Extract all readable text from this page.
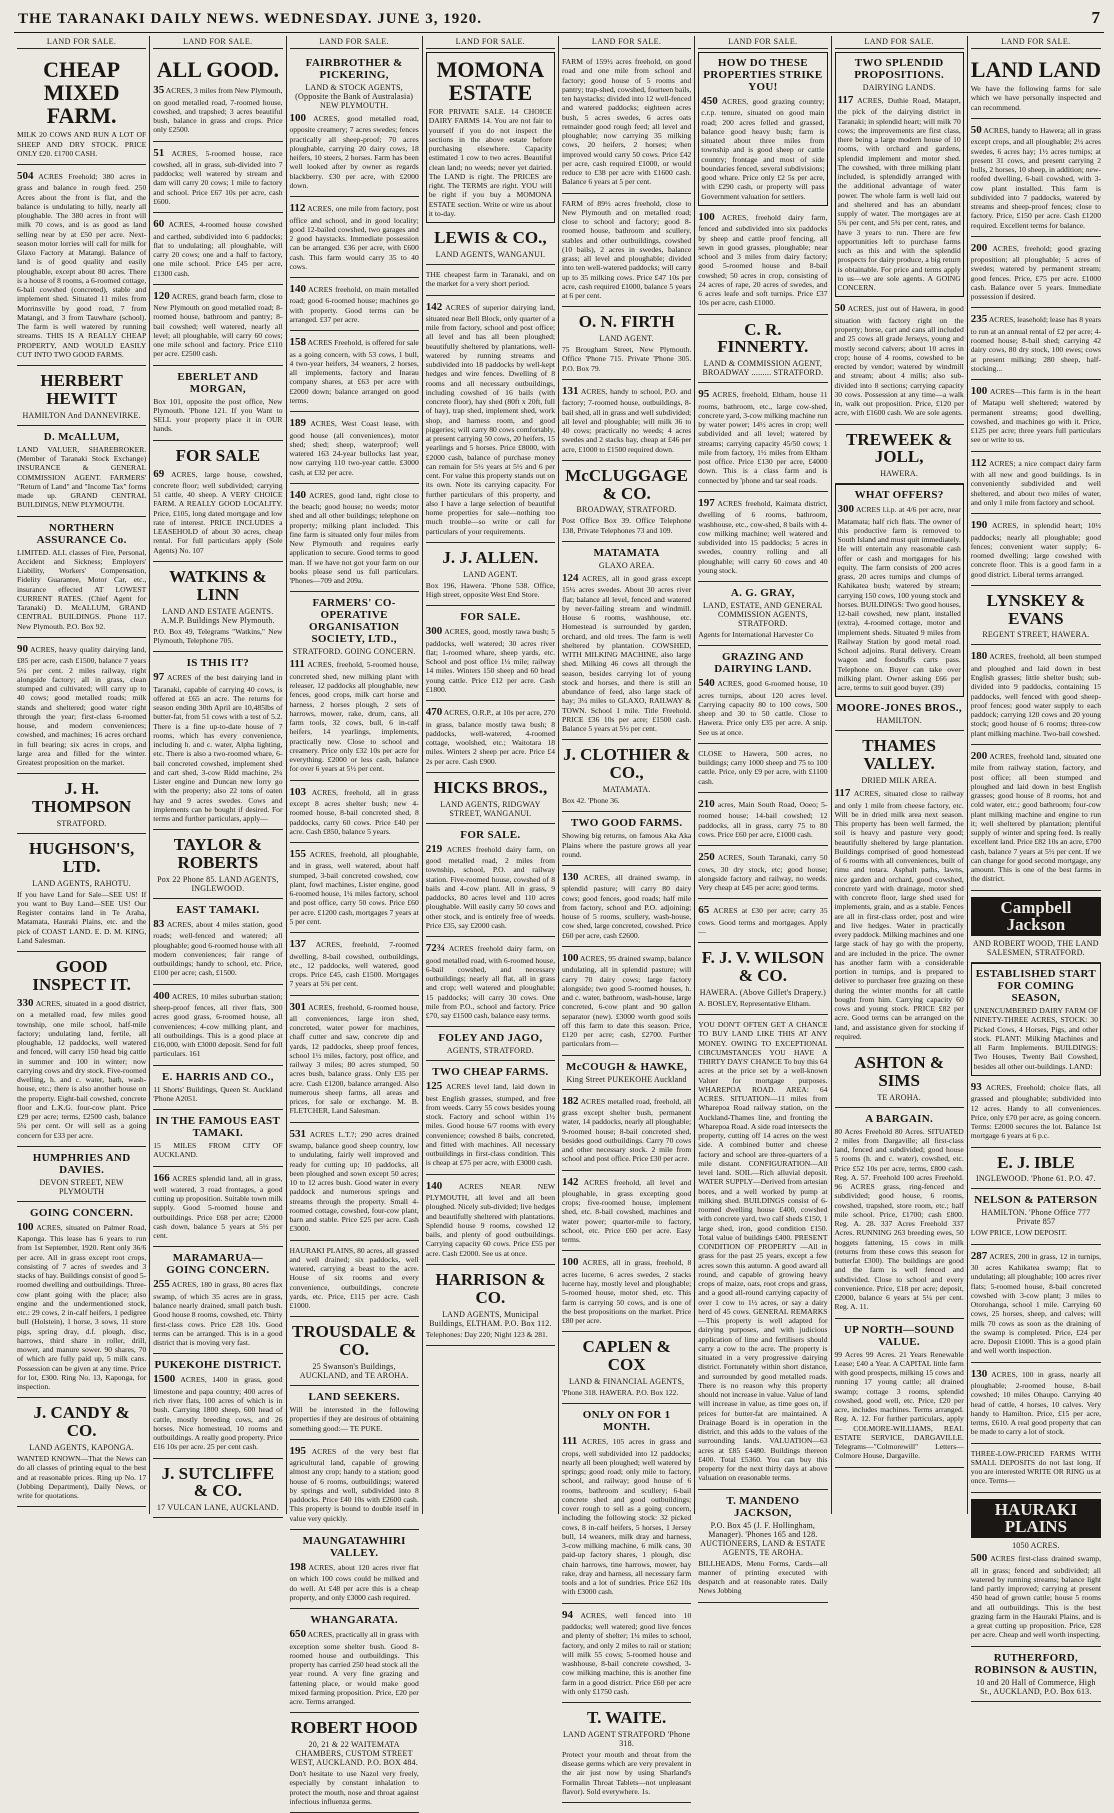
THE TARANAKI DAILY NEWS. WEDNESDAY. JUNE 3, 1920.	7
LAND FOR SALE.
CHEAP MIXED FARM.
MILK 20 COWS AND RUN A LOT OF SHEEP AND DRY STOCK. PRICE ONLY £20. £1700 CASH.
504 ACRES Freehold; 380 acres in grass and balance in rough feed. 250 Acres about the front is flat, and the balance is undulating to hilly, nearly all ploughable. The 380 acres in front will milk 70 cows, and is as good as land selling near by at £50 per acre. Next-season motor lorries will call for milk for Glaxo Factory at Matangi. Balance of land is of good quality and easily ploughable, except about 80 acres. There is a house of 8 rooms, a 6-roomed cottage, 6-bail cowshed (concreted), stable and implement shed. Situated 11 miles from Morrinsville by good road, 7 from Matangi, and 3 from Tauwhare (school). The farm is well watered by running streams. THIS IS A REALLY CHEAP PROPERTY, AND WOULD EASILY CUT INTO TWO GOOD FARMS.
HERBERT HEWITT
HAMILTON And DANNEVIRKE.
D. McALLUM,
LAND VALUER, SHAREBROKER. (Member of Taranaki Stock Exchange) INSURANCE & GENERAL COMMISSION AGENT. FARMERS' "Return of Land" and "Income Tax" forms made up. GRAND CENTRAL BUILDINGS, NEW PLYMOUTH.
NORTHERN ASSURANCE Co.
LIMITED. ALL classes of Fire, Personal, Accident and Sickness; Employers' Liability, Workers' Compensation, Fidelity Guarantee, Motor Car, etc., insurance effected AT LOWEST CURRENT RATES. (Chief Agent for Taranaki) D. McALLUM, GRAND CENTRAL BUILDINGS. Phone 117. New Plymouth. P.O. Box 92.
90 ACRES, heavy quality dairying land, £85 per acre, cash £1500, balance 7 years 5¼ per cent. 2 miles railway, right alongside factory; all in grass, clean stumped and cultivated; will carry up to 40 cows; good metalled roads; milk stands and sheltered; good water right through the year; first-class 6-roomed house, and modern conveniences; cowshed, and machines; 16 acres orchard in full bearing; six acres in crops, and large area and filled for the winter. Greatest proposition on the market.
J. H. THOMPSON
STRATFORD.
HUGHSON'S, LTD.
LAND AGENTS, RAHOTU.
If you have Land for Sale—SEE US! If you want to Buy Land—SEE US! Our Register contains land in Te Araha, Matamata, Hauraki Plains, etc. and the pick of COAST LAND. E. D. M. KING, Land Salesman.
GOOD INSPECT IT.
330 ACRES, situated in a good district, on a metalled road, few miles good township, one mile school, half-mile factory; undulating land, fertile, all ploughable, 12 paddocks, well watered and fenced, will carry 150 head big cattle in summer and 100 in winter; now carrying cows and dry stock. Five-roomed dwelling, h. and c. water, bath, wash-house, etc.; there is also another house on the property. Eight-bail cowshed, concrete floor and L.K.G. four-cow plant. Price £29 per acre; terms, £2500 cash, balance 5¼ per cent. Or will sell as a going concern for £33 per acre.
HUMPHRIES AND DAVIES.
DEVON STREET, NEW PLYMOUTH
GOING CONCERN.
100 ACRES, situated on Palmer Road, Kaponga. This lease has 6 years to run from 1st September, 1920. Rent only 36/6 per acre. All in grass except root crops, consisting of 7 acres of swedes and 3 stacks of hay. Buildings consist of good 5-roomed dwelling and outbuildings. Three-cow plant going with the place; also engine and the undermentioned stock, etc.: 29 cows, 2 in-calf heifers, 1 pedigree bull (Holstein), 1 horse, 3 sows, 11 store pigs, spring dray, d.f. plough, disc, harrows, third share in roller, drill, mower, and manure sower. 90 shares, 70 of which are fully paid up, 5 milk cans. Possession can be given at any time. Price for lot, £300. Ring No. 13, Kaponga, for inspection.
J. CANDY & CO.
LAND AGENTS, KAPONGA.
WANTED KNOWN—That the News can do all classes of printing equal to the best and at reasonable prices. Ring up No. 17 (Jobbing Department), Daily News, or write for quotations.
LAND FOR SALE.
ALL GOOD.
35 ACRES, 3 miles from New Plymouth, on good metalled road, 7-roomed house, cowshed, and trapshed; 3 acres beautiful bush, balance in grass and crops. Price only £2500.
51 ACRES, 5-roomed house, race cowshed, all in grass, sub-divided into 7 paddocks; well watered by stream and dam will carry 20 cows; 1 mile to factory and school. Price £67 10s per acre, cash £600.
60 ACRES, 4-roomed house cowshed and carthed, subdivided into 6 paddocks; flat to undulating; all ploughable, will carry 20 cows; one and a half to factory, one mile school. Price £45 per acre, £1300 cash.
120 ACRES, grand beach farm, close to New Plymouth on good metalled road; 8-roomed house, bathroom and pantry; 8-bail cowshed; well watered, nearly all level; all ploughable, will carry 60 cows; one mile school and factory. Price £110 per acre. £2500 cash.
EBERLET AND MORGAN,
Box 101, opposite the post office, New Plymouth. 'Phone 121. If you Want to SELL your property place it in OUR hands.
FOR SALE
69 ACRES, large house, cowshed, concrete floor; well subdivided; carrying 51 cattle, 40 sheep. A VERY CHOICE FARM. A REALLY GOOD LOCALITY. Price, £105, long dated mortgage and low rate of interest. PRICE INCLUDES a LEASEHOLD of about 30 acres, cheap rental. For full particulars apply (Sole Agents) No. 107
WATKINS & LINN
LAND AND ESTATE AGENTS. A.M.P. Buildings New Plymouth.
P.O. Box 49, Telegrams "Watkins," New Plymouth, Telephone 705.
IS THIS IT?
97 ACRES of the best dairying land in Taranaki, capable of carrying 40 cows, is offered at £65 an acre. The returns for season ending 30th April are 10,485lbs of butter-fat, from 51 cows with a test of 5.2. There is a fine up-to-date house of 7 rooms, which has every convenience, including h. and c. water, Alpha lighting, etc. There is also a two-roomed whare, 6-bail concreted cowshed, implement shed and cart shed, 3-cow Ridd machine, 2¼ Lister engine and Duncan new lorry go with the property; also 22 tons of oaten hay and 9 acres swedes. Cows and implements can be bought if desired. For terms and further particulars, apply—
TAYLOR & ROBERTS
Pox 22 Phone 85. LAND AGENTS, INGLEWOOD.
EAST TAMAKI.
83 ACRES, about 4 miles station, good roads; well-fenced and watered; all ploughable; good 6-roomed house with all modern conveniences; fair range of outbuildings; handy to school, etc. Price, £100 per acre; cash, £1500.
400 ACRES, 10 miles suburban station; sheep-proof fences, all river flats, 300 acres good grass, 6-roomed house, all conveniences; 4-cow milking plant, and all outbuildings. This is a good place at £16,000, with £3000 deposit. Send for full particulars. 161
E. HARRIS AND CO.,
11 Shorts' Buildings, Queen St. Auckland 'Phone A2051.
IN THE FAMOUS EAST TAMAKI.
15 MILES FROM CITY OF AUCKLAND.
166 ACRES splendid land, all in grass, well watered, 3 road frontages, a good cutting up proposition. Suitable town milk supply. Good 5-roomed house and outbuildings. Price £68 per acre; £2000 cash down, balance 5 years at 5½ per cent.
MARAMARUA—GOING CONCERN.
255 ACRES, 180 in grass, 80 acres flax swamp, of which 35 acres are in grass, balance nearly drained, small patch bush. Good house 8 rooms, cowshed, etc. Thirty first-class cows. Price £28 10s. Good terms can be arranged. This is in a good district that is moving very fast.
PUKEKOHE DISTRICT.
1500 ACRES, 1400 in grass, good limestone and papa country; 400 acres of rich river flats, 100 acres of which is in bush. Carrying 1800 sheep, 600 head of cattle, mostly breeding cows, and 26 horses. Nice homestead, 10 rooms and outbuildings. A really good property. Price £16 10s per acre. 25 per cent cash.
J. SUTCLIFFE & CO.
17 VULCAN LANE, AUCKLAND.
LAND FOR SALE.
FAIRBROTHER & PICKERING,
LAND & STOCK AGENTS, (Opposite the Bank of Australasia) NEW PLYMOUTH.
100 ACRES, good metalled road, opposite creamery; 7 acres swedes; fences practically all sheep-proof; 70 acres ploughable, carrying 20 dairy cows, 18 heifers, 10 steers, 2 horses. Farm has been well looked after by owner as regards blackberry. £30 per acre, with £2000 down.
112 ACRES, one mile from factory, post office and school, and in good locality; good 12-bailed cowshed, two garages and 2 good haystacks. Immediate possession can be arranged. £36 per acre, with £600 cash. This farm would carry 35 to 40 cows.
140 ACRES freehold, on main metalled road; good 6-roomed house; machines go with property. Good terms can be arranged. £37 per acre.
158 ACRES Freehold, is offered for sale as a going concern, with 53 cows, 1 bull, 4 two-year heifers, 34 weaners, 2 horses, all implements, factory and Inarau company shares, at £63 per acre with £2000 down; balance arranged on good terms.
189 ACRES, West Coast lease, with good house (all conveniences), motor shed; shed; sheep, waterproof; well watered 163 24-year bullocks last year, now carrying 110 two-year cattle. £3000 cash, at £32 per acre.
140 ACRES, good land, right close to the beach; good house; no weeds; motor shed and all other buildings; telephone on property; milking plant included. This fine farm is situated only four miles from New Plymouth and requires early application to secure. Good terms to good man. If we have not got your farm on our books please send us full particulars. 'Phones—709 and 209a.
FARMERS' CO-OPERATIVE ORGANISATION SOCIETY, LTD.,
STRATFORD. GOING CONCERN.
111 ACRES, freehold, 5-roomed house, concreted shed, new milking plant with releaser, 12 paddocks all ploughable, new fences, good crops, milk cart horse and harness, 2 horses plough, 2 sets of harrows, mower, rake, drum, cans, all farm tools, 32 cows, bull, 6 in-calf heifers, 14 yearlings, implements, practically new. Close to school and creamery. Price only £32 10s per acre for everything. £2000 or less cash, balance for over 6 years at 5½ per cent.
103 ACRES, freehold, all in grass except 8 acres shelter bush; new 4-roomed house, 8-bail concreted shed, 8 paddocks, carry 60 cows. Price £40 per acre. Cash £850, balance 5 years.
155 ACRES, freehold, all ploughable, and in grass, well watered, about half stumped, 3-bail concreted cowshed, cow plant, fowl machines, Lister engine, good 6-roomed house, 1¼ miles factory, school and post office, carry 50 cows. Price £60 per acre. £1200 cash, mortgages 7 years at 5 per cent.
137 ACRES, freehold, 7-roomed dwelling, 8-bail cowshed, outbuildings, etc., 12 paddocks, well watered, good crops. Price £45, cash £1500. Mortgages 7 years at 5¾ per cent.
301 ACRES, freehold, 6-roomed house, all conveniences, large iron shed, concreted, water power for machines, chaff cutter and saw, concrete dip and yards, 12 paddocks, sheep proof fences, school 1½ miles, factory, post office, and railway 3 miles; 80 acres stumped, 50 acres bush, balance grass. Only £35 per acre. Cash £1200, balance arranged. Also numerous sheep farms, all areas and prices, for sale or exchange. M. B. FLETCHER, Land Salesman.
531 ACRES L.T.?; 290 acres drained swamp, balance good sheep country, low to undulating, fairly well improved and ready for cutting up; 10 paddocks, all been ploughed and sown except 50 acres; 10 to 12 acres bush. Good water in every paddock and numerous springs and streams through the property. Small 4-roomed cottage, cowshed, four-cow plant, barn and stable. Price £25 per acre. Cash £3000.
HAURAKI PLAINS, 80 acres, all grassed and well drained; six paddocks, well watered, carrying a beast to the acre. House of six rooms and every convenience, outbuildings, concrete yards, etc. Price, £115 per acre. Cash £1000.
TROUSDALE & CO.
25 Swanson's Buildings, AUCKLAND, and TE AROHA.
LAND SEEKERS.
Will be interested in the following properties if they are desirous of obtaining something good:— TE PUKE.
195 ACRES of the very best flat agricultural land, capable of growing almost any crop; handy to a station; good house of 6 rooms, outbuildings; watered by springs and well, subdivided into 8 paddocks. Price £40 10s with £2600 cash. This property is bound to double itself in value very quickly.
MAUNGATAWHIRI VALLEY.
198 ACRES, about 120 acres river flat on which 100 cows could be milked and do well. At £48 per acre this is a cheap property, and only £3000 cash required.
WHANGARATA.
650 ACRES, practically all in grass with exception some shelter bush. Good 8-roomed house and outbuildings. This property has carried 250 head stock all the year round. A very fine grazing and fattening place, or would make good mixed farming proposition. Price, £20 per acre. Terms arranged.
ROBERT HOOD
20, 21 & 22 WAITEMATA CHAMBERS, CUSTOM STREET WEST, AUCKLAND. P.O. BOX 484.
Don't hesitate to use Nazol very freely, especially by constant inhalation to protect the mouth, nose and throat against infectious influenza germs.
LAND FOR SALE.
MOMONA ESTATE
FOR PRIVATE SALE. 14 CHOICE DAIRY FARMS 14. You are not fair to yourself if you do not inspect the sections in the above estate before purchasing elsewhere. Capacity estimated 1 cow to two acres. Beautiful clean land; no weeds; never yet dairied. The LAND is right. The PRICES are right. The TERMS are right. YOU will be right if you buy a MOMONA ESTATE section. Write or wire us about it to-day.
LEWIS & CO.,
LAND AGENTS, WANGANUI.
THE cheapest farm in Taranaki, and on the market for a very short period.
142 ACRES of superior dairying land, situated near Bell Block, only quarter of a mile from factory, school and post office; all level and has all been ploughed; beautifully sheltered by plantations, well-watered by running streams and subdivided into 18 paddocks by well-kept hedges and wire fences. Dwelling of 8 rooms and all necessary outbuildings, including cowshed of 16 bails (with concrete floor), hay shed (80ft x 20ft, full of hay), trap shed, implement shed, work shop, and harness room, and good piggeries; will carry 80 cows comfortably, at present carrying 50 cows, 20 heifers, 15 yearlings and 5 horses. Price £8000, with £2000 cash, balance of purchase money can remain for 5½ years at 5½ and 6 per cent. For value this property stands out on its own. Note its carrying capacity. For further particulars of this property, and also I have a large selection of beautiful home properties for sale—nothing too much trouble—so write or call for particulars of your requirements.
J. J. ALLEN.
LAND AGENT.
Box 196, Hawera. 'Phone 538. Office, High street, opposite West End Store.
FOR SALE.
300 ACRES, good, mostly tawa bush; 5 paddocks, well watered; 30 acres river flat; 1-roomed whare, sheep yards, etc. School and post office 1¼ mile; railway 14 miles. Winters 150 sheep and 60 head young cattle. Price £12 per acre. Cash £1800.
470 ACRES, O.R.P., at 10s per acre, 270 in grass, balance mostly tawa bush; 8 paddocks, well-watered, 4-roomed cottage, woolshed, etc.; Waitotara 18 miles. Winters 2 sheep per acre. Price £4 2s per acre. Cash £900.
HICKS BROS.,
LAND AGENTS, RIDGWAY STREET, WANGANUI.
FOR SALE.
219 ACRES freehold dairy farm, on good metalled road, 2 miles from township, school, P.O. and railway station. Five-roomed house, cowshed of 8 bails and 4-cow plant. All in grass, 9 paddocks, 80 acres level and 110 acres ploughable. Will easily carry 50 cows and other stock, and is entirely free of weeds. Price £35, say £2000 cash.
72¾ ACRES freehold dairy farm, on good metalled road, with 6-roomed house, 6-bail cowshed, and necessary outbuildings; nearly all flat, all in grass and crop; well watered and ploughable; 15 paddocks; will carry 30 cows. One mile from P.O., school and factory. Price £70, say £1500 cash, balance easy terms.
FOLEY AND JAGO,
AGENTS, STRATFORD.
TWO CHEAP FARMS.
125 ACRES level land, laid down in best English grasses, stumped, and free from weeds. Carry 55 cows besides young stock. Factory and school within 1½ miles. Good house 6/7 rooms with every convenience; cowshed 8 bails, concreted, and fitted with machines. All necessary outbuildings in first-class condition. This is cheap at £75 per acre, with £3000 cash.
140 ACRES NEAR NEW PLYMOUTH, all level and all been ploughed. Nicely sub-divided; live hedges and beautifully sheltered with plantations. Splendid house 9 rooms, cowshed 12 bails, and plenty of good outbuildings. Carrying capacity 60 cows. Price £55 per acre. Cash £2000. See us at once.
HARRISON & CO.
LAND AGENTS, Municipal Buildings, ELTHAM. P.O. Box 112.
Telephones: Day 220; Night 123 & 281.
LAND FOR SALE.
FARM of 159½ acres freehold, on good road and one mile from school and factory; good house of 5 rooms and pantry; trap-shed, cowshed, fourteen bails, ten haystacks; divided into 12 well-fenced and watered paddocks; eighteen acres bush, 5 acres swedes, 6 acres oats remainder good rough feed; all level and ploughable; now carrying 35 milking cows, 20 heifers, 2 horses; when improved would carry 50 cows. Price £42 per acre, cash required £1000, or would reduce to £38 per acre with £1600 cash. Balance 6 years at 5 per cent.
FARM of 89½ acres freehold, close to New Plymouth and on metalled road; close to school and factory; good 8-roomed house, bathroom and scullery, stables and other outbuildings, cowshed (10 bails), 2 acres in swedes, balance grass; all level and ploughable; divided into ten well-watered paddocks; will carry up to 35 milking cows. Price £47 10s per acre, cash required £1000, balance 5 years at 6 per cent.
O. N. FIRTH
LAND AGENT.
75 Brougham Street, New Plymouth. Office 'Phone 715. Private 'Phone 305. P.O. Box 79.
131 ACRES, handy to school, P.O. and factory; 7-roomed house, outbuildings, 8-bail shed, all in grass and well subdivided; all level and ploughable; will milk 36 to 40 cows; practically no weeds; 4 acres swedes and 2 stacks hay, cheap at £46 per acre, £1000 to £1500 required down.
McCLUGGAGE & CO.
BROADWAY, STRATFORD.
Post Office Box 39. Office Telephone 138, Private Telephones 73 and 109.
MATAMATA
GLAXO AREA.
124 ACRES, all in good grass except 15¼ acres swedes. About 30 acres river flat; balance all level, fenced and watered by never-failing stream and windmill. House 6 rooms, washhouse, etc. Homestead is surrounded by garden, orchard, and old trees. The farm is well sheltered by plantation. COWSHED, WITH MILKING MACHINE, also large shed. Milking 46 cows all through the season, besides carrying lot of young stock and horses, and there is still an abundance of feed, also large stack of hay; 3¼ miles to GLAXO, RAILWAY & TOWN. School 1 mile. Title Freehold. PRICE £36 10s per acre; £1500 cash. Balance 5 years at 5½ per cent.
J. CLOTHIER & CO.,
MATAMATA.
Box 42. 'Phone 36.
TWO GOOD FARMS.
Showing big returns, on famous Aka Aka Plains where the pasture grows all year round.
130 ACRES, all drained swamp, in splendid pasture; will carry 80 dairy cows; good fences, good roads; half mile from factory, school and P.O. adjoining; house of 5 rooms, scullery, wash-house, cow shed, large concreted, cowshed. Price £60 per acre, cash £2600.
100 ACRES, 95 drained swamp, balance undulating, all in splendid pasture; will carry 70 dairy cows; large factory alongside; two good 5-roomed houses, h. and c. water, bathroom, wash-house, large concreted, 6-cow plant and 90 gallon separator (new). £3000 worth good soils off this farm to date this season. Price, £120 per acre; cash, £2700. Further particulars from—
McCOUGH & HAWKE,
King Street PUKEKOHE Auckland
182 ACRES metalled road, freehold, all grass except shelter bush, permanent water, 14 paddocks, nearly all ploughable; 9-roomed house; 8-bail concreted shed, besides good outbuildings. Carry 70 cows and other necessary stock. 2 mile from school and post office. Price £30 per acre.
142 ACRES freehold, all level and ploughable, in grass excepting good crops; five-roomed house, implement shed, etc. 8-bail cowshed, machines and water power; quarter-mile to factory, school, etc. Price £60 per acre. Easy terms.
100 ACRES, all in grass, freehold, 8 acres lucerne, 6 acres swedes, 2 stacks lucerne hay, mostly level and ploughable; 5-roomed house, motor shed, etc. This farm is carrying 50 cows, and is one of the best propositions on the market. Price £80 per acre.
CAPLEN & COX
LAND & FINANCIAL AGENTS,
'Phone 318. HAWERA. P.O. Box 122.
ONLY ON FOR 1 MONTH.
111 ACRES, 105 acres in grass and crops, well subdivided into 12 paddocks; nearly all been ploughed; well watered by springs; good road; only mile to factory, school, and railway; good house of 6 rooms, bathroom and scullery; 6-bail concrete shed and good outbuildings; cover rough to sell as a going concern, including the following stock: 32 picked cows, 8 in-calf heifers, 5 horses, 1 Jersey bull, 14 weaners, milk dray and harness, 3-cow milking machine, 6 milk cans, 30 paid-up factory shares, 1 plough, disc chain harrows, tine harrows, mower, hay rake, dray and harness, all necessary farm tools and a lot of sundries. Price £62 10s with £3000 cash.
94 ACRES, well fenced into 10 paddocks; well watered; good live fences and plenty of shelter; 1¼ miles to school, factory, and only 2 miles to rail or station; will milk 55 cows; 5-roomed house and washhouse, 8-bail concrete cowshed, 3-cow milking machine, this is another fine farm in a good district. Price £60 per acre with only £1750 cash.
T. WAITE.
LAND AGENT STRATFORD 'Phone 318.
Protect your mouth and throat from the disease germs which are very prevalent in the air just now by using Sharland's Formalin Throat Tablets—not unpleasant flavor). Sold everywhere. 1s.
LAND FOR SALE.
HOW DO THESE PROPERTIES STRIKE YOU!
450 ACRES, good grazing country; c.r.p. tenure, situated on good main road; 200 acres felled and grassed, balance good heavy bush; farm is situated about three miles from township and is good sheep or cattle country; frontage and most of side boundaries fenced, several subdivisions; good whare. Price only £2 5s per acre, with £290 cash, or property will pass Government valuation for settlers.
100 ACRES, freehold dairy farm, fenced and subdivided into six paddocks by sheep and cattle proof fencing, all sewn in good grasses, ploughable; near school and 3 miles from dairy factory; good 5-roomed house and 8-bail cowshed; 50 acres in crop, consisting of 24 acres of rape, 20 acres of swedes, and 6 acres leafe and soft turnips. Price £37 10s per acre, cash £1000.
C. R. FINNERTY.
LAND & COMMISSION AGENT, BROADWAY ......... STRATFORD.
95 ACRES, freehold, Eltham, house 11 rooms, bathroom, etc., large cow-shed, concrete yard, 3-cow milking machine run by water power; 14½ acres in crop; well subdivided and all level; watered by streams; carrying capacity 45/50 cows; 1 mile from factory, 1½ miles from Eltham post office. Price £130 per acre, £4000 down. This is a class farm and is connected by 'phone and tar seal roads.
197 ACRES freehold, Kaimata district, dwelling of 6 rooms, bathroom, washhouse, etc., cow-shed, 8 bails with 4-cow milking machine; well watered and subdivided into 15 paddocks; 5 acres in swedes, country rolling and all ploughable; will carry 60 cows and 40 young stock.
A. G. GRAY,
LAND, ESTATE, AND GENERAL COMMISSION AGENTS, STRATFORD.
Agents for International Harvester Co
GRAZING AND DAIRYING LAND.
540 ACRES, good 6-roomed house, 10 acres turnips, about 120 acres level. Carrying capacity 80 to 100 cows, 500 sheep and 30 to 50 cattle. Close to Hawera. Price only £35 per acre. A snip. See us at once.
CLOSE to Hawera, 500 acres, no buildings; carry 1000 sheep and 75 to 100 cattle. Price, only £9 per acre, with £1100 cash.
210 acres, Main South Road, Ooeo; 5-roomed house; 14-bail cowshed; 12 paddocks, all in grass, carry 75 to 80 cows. Price £60 per acre, £1000 cash.
250 ACRES, South Taranaki, carry 50 cows, 30 dry stock, etc; good house; alongside factory and railway, no weeds. Very cheap at £45 per acre; good terms.
65 ACRES at £30 per acre; carry 35 cows. Good terms and mortgages. Apply—
F. J. V. WILSON & CO.
HAWERA. (Above Gillet's Drapery.)
A. BOSLEY, Representative Eltham.
YOU DON'T OFTEN GET A CHANCE TO BUY LAND LIKE THIS AT ANY MONEY. OWING TO EXCEPTIONAL CIRCUMSTANCES YOU HAVE A THIRTY DAYS' CHANCE To buy this 64 acres at the price set by a well-known Valuer for mortgage purposes. WHAREPOA ROAD. AREA: 64 ACRES. SITUATION—11 miles from Wharepoa Road railway station, on the Auckland-Thames line, and fronting the Wharepoa Road. A side road intersects the property, cutting off 14 acres on the west side. A combined butter and cheese factory and school are three-quarters of a mile distant. CONFIGURATION—All level land. SOIL—Rich alluvial deposit. WATER SUPPLY—Derived from artesian bores, and a well worked by pump at milking shed. BUILDINGS consist of 6-roomed dwelling house £400, cowshed with concrete yard, two calf sheds £150, 1 large shed, iron, good condition £150. Total value of buildings £400. PRESENT CONDITION OF PROPERTY —All in grass for the past 25 years, except a few acres sown this autumn. A good award all round, and capable of growing heavy crops of maize, oats, root crops and grass, and a good all-round carrying capacity of over 1 cow to 1½ acres, or say a dairy herd of 45 cows. GENERAL REMARKS—This property is well adapted for dairying purposes, and with judicious application of lime and fertilisers should carry a cow to the acre. The property is situated in a very progressive dairying district. Fortunately within short distance, and surrounded by good metalled roads. There is no reason why this property should not increase in value. Value of land will increase in value, as time goes on, if prices for butter-fat are maintained. A Drainage Board is in operation in the district, and this adds to the values of the surrounding lands. VALUATION—63 acres at £85 £4480. Buildings thereon £400. Total £5360. You can buy this property for the next thirty days at above valuation on reasonable terms.
T. MANDENO JACKSON,
P.O. Box 45 (J. F. Hollingham, Manager). 'Phones 165 and 128. AUCTIONEERS, LAND & ESTATE AGENTS, TE AROHA.
BILLHEADS, Menu Forms, Cards—all manner of printing executed with despatch and at reasonable rates. Daily News Jobbing
LAND FOR SALE.
TWO SPLENDID PROPOSITIONS.
DAIRYING LANDS.
117 ACRES, Duthie Road, Mataprt, the pick of the dairying district in Taranaki; in splendid heart; will milk 70 cows; the improvements are first class, there being a large modern house of 10 rooms, with orchard and gardens, splendid implement and motor shed. The cowshed, with three milking plant included, is splendidly arranged with the additional advantage of water power. The whole farm is well laid out and sheltered and has an abundant supply of water. The mortgages are at 5¾ per cent, and 5¾ per cent, rates, and have 3 years to run. There are few opportunities left to purchase farms such as this and with the splendid prospects for dairy produce, a big return is obtainable. For price and terms apply to us—we are sole agents. A GOING CONCERN.
50 ACRES, just out of Hawera, in good situation with factory right on the property; horse, cart and cans all included and 25 cows all grade Jerseys, young and mostly second calvers; about 10 acres in crop; house of 4 rooms, cowshed to be erected by vendor; watered by windmill and stream; about 4 mills; also sub-divided into 8 sections; carrying capacity 30 cows. Possession at any time—a walk in, walk out proposition. Price, £120 per acre, with £1600 cash. We are sole agents.
TREWEEK & JOLL,
HAWERA.
WHAT OFFERS?
300 ACRES l.i.p. at 4/6 per acre, near Matamata; half rich flats. The owner of this productive farm is removed to South Island and must quit immediately. He will entertain any reasonable cash offer or cash and mortgages for his equity. The farm consists of 200 acres grass, 20 acres turnips and clumps of Kahikatea bush; watered by stream; carrying 150 cows, 100 young stock and horses. BUILDINGS: Two good houses, 12-bail cowshed, new plant, installed (extra), 4-roomed cottage, motor and implement sheds. Situated 9 miles from Railway Station by good metal road. School adjoins. Rural delivery. Cream wagon and foodstuffs carts pass. Telephone on. Buyer can take over milking plant. Owner asking £66 per acre, terms to suit good buyer. (39)
MOORE-JONES BROS.,
HAMILTON.
THAMES VALLEY.
DRIED MILK AREA.
117 ACRES, situated close to railway and only 1 mile from cheese factory, etc. Will be in dried milk area next season. This property has been well farmed, the soil is heavy and pasture very good; beautifully sheltered by large plantation. Buildings comprised of good homestead of 6 rooms with all conveniences, built of rimu and totara. Asphalt paths, lawns, nice garden and orchard, good cowshed, concrete yard with drainage, motor shed with concrete floor, large shed used for implements, grain, and as a stable. Fences are all in first-class order, post and wire and live hedges. Water in practically every paddock. Milking machines and one large stack of hay go with the property, and are included in the price. The owner has another farm with a considerable portion in turnips, and is prepared to deliver to purchaser free grazing on these during the winter months for all cattle bought from him. Carrying capacity 60 cows and young stock. PRICE £82 per acre. Good terms can be arranged on the land, and assistance given for stocking if required.
ASHTON & SIMS
TE AROHA.
A BARGAIN.
80 Acres Freehold 80 Acres. SITUATED 2 miles from Dargaville; all first-class land, fenced and subdivided; good house 5 rooms (h. and c. water), cowshed, etc. Price £52 10s per acre, terms, £800 cash. Reg. A. 57. Freehold 100 acres Freehold. 96 ACRES grass, ring-fenced and subdivided; good house, 6 rooms, cowshed, trapshed, store room, etc.; half mile school. Price, £1700; cash £800. Reg. A. 28. 337 Acres Freehold 337 Acres. RUNNING 263 breeding ewes, 50 hoggets fattening, 15 cows in milk (returns from these cows this season for butterfat £300). The buildings are good and the farm is well fenced and subdivided. Close to school and every convenience. Price, £18 per acre; deposit, £2000, balance 6 years at 5¼ per cent. Reg. A. 11.
UP NORTH—SOUND VALUE.
99 Acres 99 Acres. 21 Years Renewable Lease; £40 a Year. A CAPITAL little farm with good prospects, milking 15 cows and running 17 young cattle; all drained swamp; cottage 3 rooms, splendid cowshed, good well, etc. Price, £20 per acre, includes machines. Terms arranged. Reg. A. 12. For further particulars, apply— COLMORE-WILLIAMS, REAL ESTATE SERVICE, DARGAVILLE. Telegrams—"Colmorewill" Letters—Colmore House, Dargaville.
LAND FOR SALE.
LAND LAND
We have the following farms for sale which we have personally inspected and can recommend.
50 ACRES, handy to Hawera; all in grass except crops, and all ploughable; 2½ acres swedes, 6 acres hay; 1½ acres turnips; at present 31 cows, and present carrying 2 bulls, 2 horses, 10 sheep, in addition; new-roofed dwelling, 6-bail cowshed, with 3-cow plant installed. This farm is subdivided into 7 paddocks, watered by streams and sheep-proof fences; close to factory. Price, £150 per acre. Cash £1200 required. Excellent terms for balance.
200 ACRES, freehold; good grazing proposition; all ploughable; 5 acres of swedes; watered by permanent stream; good fences. Price, £75 per acre. £1000 cash. Balance over 5 years. Immediate possession if desired.
235 ACRES, leasehold; lease has 8 years to run at an annual rental of £2 per acre; 4-roomed house; 8-bail shed; carrying 42 dairy cows, 80 dry stock, 100 ewes; cows at present milking; 280 sheep, half-stocking...
100 ACRES—This farm is in the heart of Matapu well sheltered; watered by permanent streams; good dwelling, cowshed, and machines go with it. Price, £125 per acre; three years full particulars see or write to us.
112 ACRES; a nice compact dairy farm with all new and good buildings. Is in conveniently subdivided and well sheltered, and about two miles of water, and only 1 mile from factory and school.
190 ACRES, in splendid heart; 10½ paddocks; nearly all ploughable; good fences; convenient water supply; 6-roomed dwelling; large cowshed with concrete floor. This is a good farm in a good district. Liberal terms arranged.
LYNSKEY & EVANS
REGENT STREET, HAWERA.
180 ACRES, freehold, all been stumped and ploughed and laid down in best English grasses; little shelter bush; sub-divided into 9 paddocks, containing 15 paddocks, well fenced with good sheep-proof fences; good water supply to each paddock; carrying 120 cows and 20 young stock; good house of 6 rooms; three-cow plant milking machine. Two-bail cowshed.
200 ACRES, freehold land, situated one mile from railway station, factory, and post office; all been stumped and ploughed and laid down in best English grasses; good house of 8 rooms, hot and cold water, etc.; good bathroom; four-cow plant milking machine and engine to run it; well sheltered by plantation; plentiful supply of winter and spring feed. Is really excellent land. Price £82 10s an acre, £700 cash, balance 7 years at 5½ per cent. If we can change for good second mortgage, any amount. This is one of the best farms in the district.
Campbell Jackson
AND ROBERT WOOD, THE LAND SALESMEN, STRATFORD.
ESTABLISHED START FOR COMING SEASON,
UNENCUMBERED DAIRY FARM OF NINETY-THREE ACRES, STOCK: 30 Picked Cows, 4 Horses, Pigs, and other stock. PLANT: Milking Machines and all Farm Implements. BUILDINGS: Two Houses, Twenty Bail Cowshed, besides all other out-buildings. LAND:
93 ACRES, Freehold; choice flats, all grassed and ploughable; subdivided into 12 acres. Handy to all conveniences. Price, only £70 per acre, as going concern. Terms: £2000 secures the lot. Balance 1st mortgage 6 years at 6 p.c.
E. J. IBLE
INGLEWOOD. 'Phone 61. P.O. 47.
NELSON & PATERSON
HAMILTON. 'Phone Office 777 Private 857
LOW PRICE, LOW DEPOSIT.
287 ACRES, 200 in grass, 12 in turnips, 30 acres Kahikatea swamp; flat to undulating; all ploughable; 100 acres river flats; 5-roomed house, 8-bail concreted cowshed with 3-cow plant; 3 miles to Otorohanga, school 1 mile. Carrying 60 cows, 25 horses, sheep, and calves; will milk 70 cows as soon as the draining of the swamp is completed. Price, £24 per acre. Deposit £1000. This is a good plain and well worth inspection.
130 ACRES, 100 in grass, nearly all ploughable; 2-roomed house, 8-bail cowshed; 10 miles Ohaupo. Carrying 40 head of cattle, 4 horses, 10 calves. Very handy to Hamilton. Price, £15 per acre, terms, £610. A real good property that can be made to carry a lot of stock.
THREE-LOW-PRICED FARMS WITH SMALL DEPOSITS do not last long. If you are interested WRITE OR RING us at once. Terms—
HAURAKI PLAINS
1050 ACRES.
500 ACRES first-class drained swamp, all in grass; fenced and subdivided; all watered by running streams; balance light land partly improved; carrying at present 450 head of grown cattle; house 5 rooms and all outbuildings. This is the best grazing farm in the Hauraki Plains, and is a great cutting up proposition. Price, £28 per acre. Cheap and well worth inspecting.
RUTHERFORD, ROBINSON & AUSTIN,
10 and 20 Hall of Commerce, High St., AUCKLAND, P.O. Box 613.
